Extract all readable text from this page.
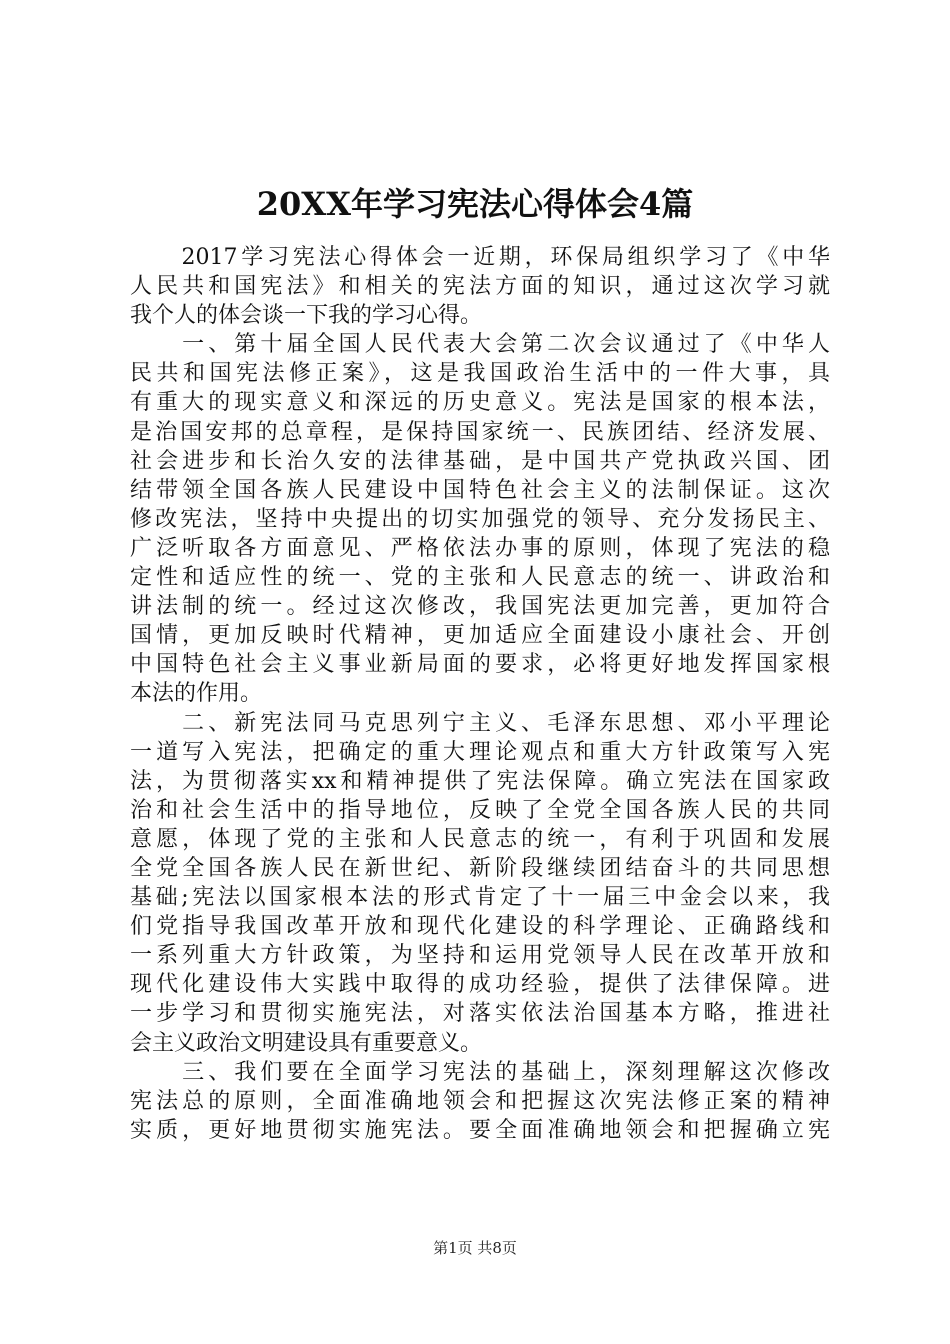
20XX年学习宪法心得体会4篇
　　2017学习宪法心得体会一近期，环保局组织学习了《中华
人民共和国宪法》和相关的宪法方面的知识，通过这次学习就
我个人的体会谈一下我的学习心得。
　　一、第十届全国人民代表大会第二次会议通过了《中华人
民共和国宪法修正案》，这是我国政治生活中的一件大事，具
有重大的现实意义和深远的历史意义。宪法是国家的根本法，
是治国安邦的总章程，是保持国家统一、民族团结、经济发展、
社会进步和长治久安的法律基础，是中国共产党执政兴国、团
结带领全国各族人民建设中国特色社会主义的法制保证。这次
修改宪法，坚持中央提出的切实加强党的领导、充分发扬民主、
广泛听取各方面意见、严格依法办事的原则，体现了宪法的稳
定性和适应性的统一、党的主张和人民意志的统一、讲政治和
讲法制的统一。经过这次修改，我国宪法更加完善，更加符合
国情，更加反映时代精神，更加适应全面建设小康社会、开创
中国特色社会主义事业新局面的要求，必将更好地发挥国家根
本法的作用。
　　二、新宪法同马克思列宁主义、毛泽东思想、邓小平理论
一道写入宪法，把确定的重大理论观点和重大方针政策写入宪
法，为贯彻落实xx和精神提供了宪法保障。确立宪法在国家政
治和社会生活中的指导地位，反映了全党全国各族人民的共同
意愿，体现了党的主张和人民意志的统一，有利于巩固和发展
全党全国各族人民在新世纪、新阶段继续团结奋斗的共同思想
基础;宪法以国家根本法的形式肯定了十一届三中金会以来，我
们党指导我国改革开放和现代化建设的科学理论、正确路线和
一系列重大方针政策，为坚持和运用党领导人民在改革开放和
现代化建设伟大实践中取得的成功经验，提供了法律保障。进
一步学习和贯彻实施宪法，对落实依法治国基本方略，推进社
会主义政治文明建设具有重要意义。
　　三、我们要在全面学习宪法的基础上，深刻理解这次修改
宪法总的原则，全面准确地领会和把握这次宪法修正案的精神
实质，更好地贯彻实施宪法。要全面准确地领会和把握确立宪
第1页 共8页
